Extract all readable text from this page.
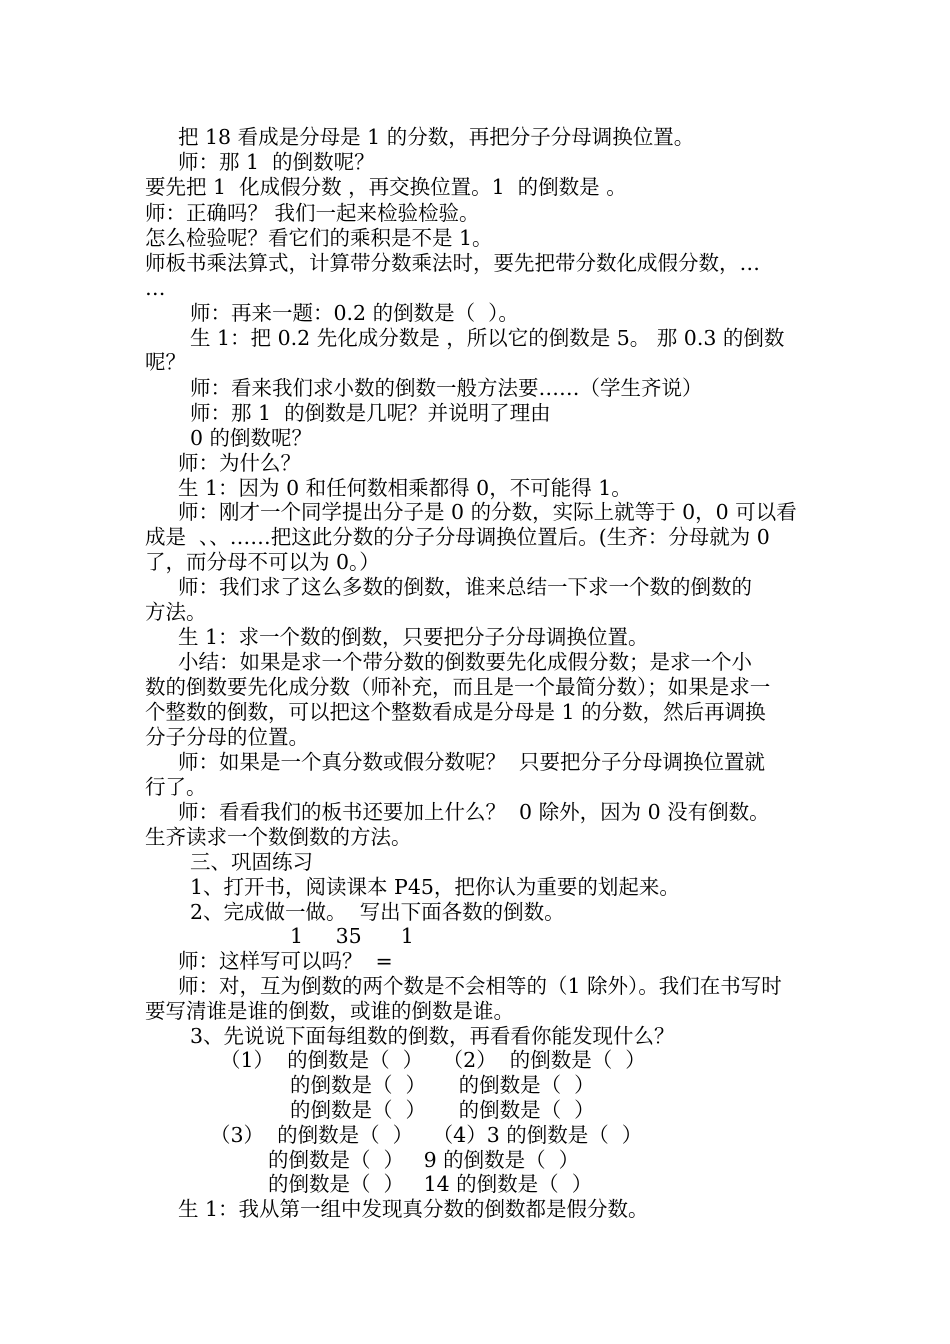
把 18 看成是分母是 1 的分数，再把分子分母调换位置。
师：那 1  的倒数呢？
要先把 1  化成假分数 ，再交换位置。1  的倒数是 。
师：正确吗？ 我们一起来检验检验。
怎么检验呢？看它们的乘积是不是 1。
师板书乘法算式，计算带分数乘法时，要先把带分数化成假分数，…
…
师：再来一题：0.2 的倒数是（  ）。
生 1：把 0.2 先化成分数是 ，所以它的倒数是 5。 那 0.3 的倒数
呢？
师：看来我们求小数的倒数一般方法要……（学生齐说）
师：那 1  的倒数是几呢？并说明了理由
0 的倒数呢？
师：为什么？
生 1：因为 0 和任何数相乘都得 0，不可能得 1。
师：刚才一个同学提出分子是 0 的分数，实际上就等于 0，0 可以看
成是  、、……把这此分数的分子分母调换位置后。(生齐：分母就为 0
了，而分母不可以为 0。）
师：我们求了这么多数的倒数，谁来总结一下求一个数的倒数的
方法。
生 1：求一个数的倒数，只要把分子分母调换位置。
小结：如果是求一个带分数的倒数要先化成假分数；是求一个小
数的倒数要先化成分数（师补充，而且是一个最简分数）；如果是求一
个整数的倒数，可以把这个整数看成是分母是 1 的分数，然后再调换
分子分母的位置。
师：如果是一个真分数或假分数呢？  只要把分子分母调换位置就
行了。
师：看看我们的板书还要加上什么？  0 除外，因为 0 没有倒数。
生齐读求一个数倒数的方法。
三、巩固练习
1、打开书，阅读课本 P45，把你认为重要的划起来。
2、完成做一做。  写出下面各数的倒数。
1     35      1
师：这样写可以吗？  =
师：对，互为倒数的两个数是不会相等的（1 除外）。我们在书写时
要写清谁是谁的倒数，或谁的倒数是谁。
3、先说说下面每组数的倒数，再看看你能发现什么？
（1）  的倒数是（  ）   （2）  的倒数是（  ）
的倒数是（  ）     的倒数是（  ）
的倒数是（  ）     的倒数是（  ）
（3）  的倒数是（  ）   （4）3 的倒数是（  ）
的倒数是（  ）   9 的倒数是（  ）
的倒数是（  ）   14 的倒数是（  ）
生 1：我从第一组中发现真分数的倒数都是假分数。
